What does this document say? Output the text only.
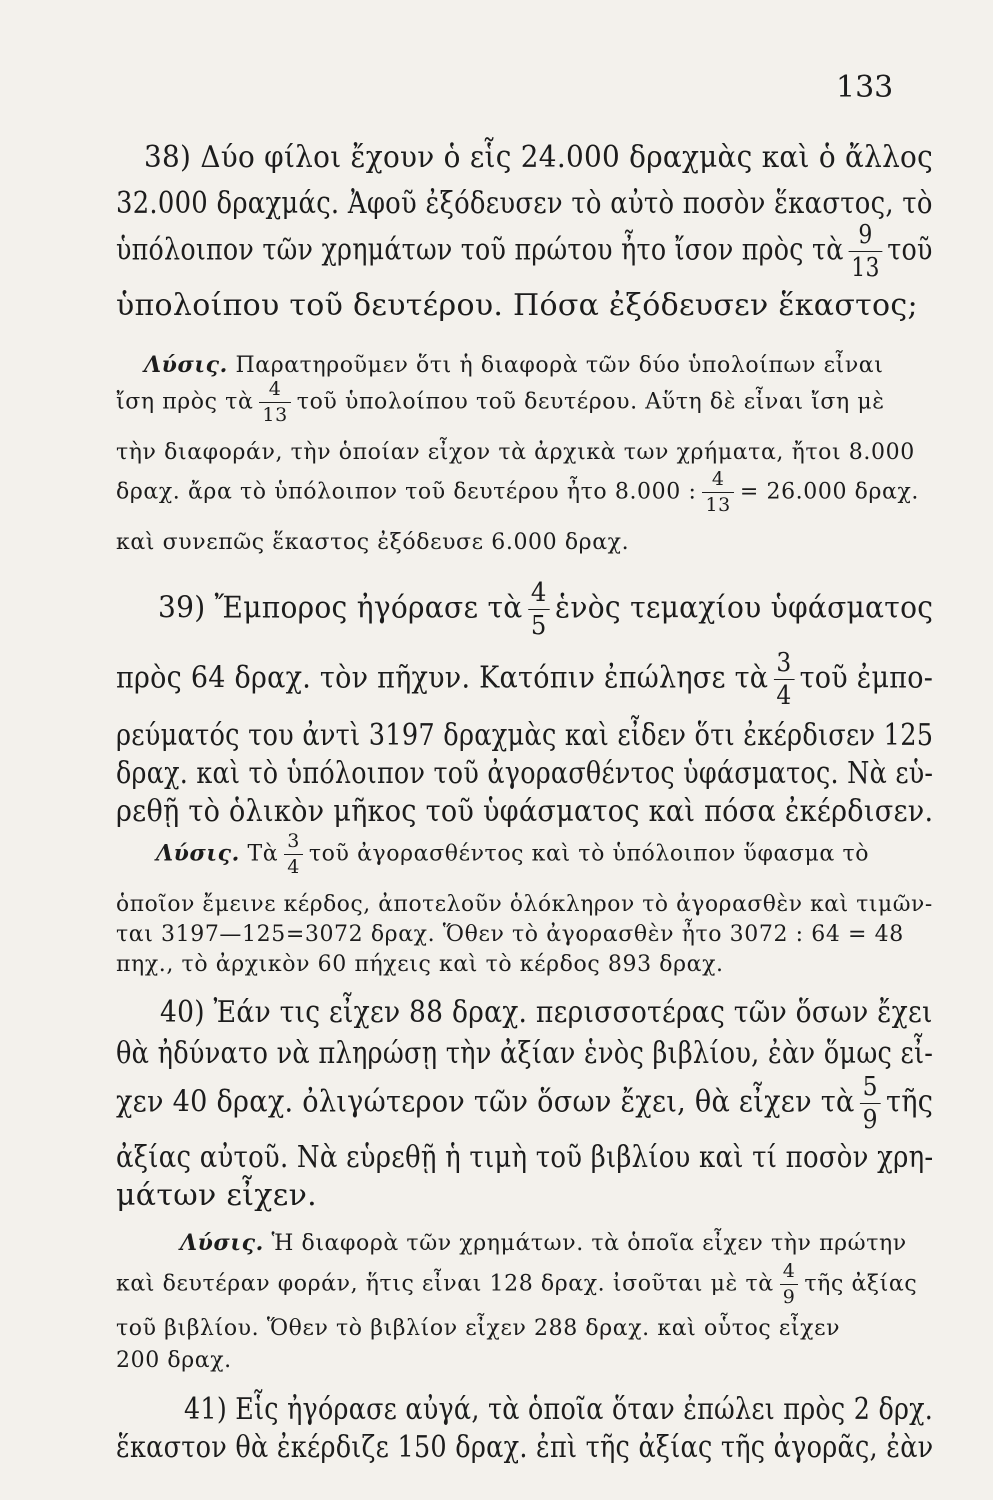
133
38) Δύο φίλοι ἔχουν ὁ εἷς 24.000 δραχμὰς καὶ ὁ ἄλλος
32.000 δραχμάς. Ἀφοῦ ἐξόδευσεν τὸ αὐτὸ ποσὸν ἕκαστος, τὸ
ὑπόλοιπον τῶν χρημάτων τοῦ πρώτου ἦτο ἴσον πρὸς τὰ $\frac{9}{13}$ τοῦ
ὑπολοίπου τοῦ δευτέρου. Πόσα ἐξόδευσεν ἕκαστος;
Λύσις. Παρατηροῦμεν ὅτι ἡ διαφορὰ τῶν δύο ὑπολοίπων εἶναι
ἴση πρὸς τὰ $\frac{4}{13}$ τοῦ ὑπολοίπου τοῦ δευτέρου. Αὕτη δὲ εἶναι ἴση μὲ
τὴν διαφοράν, τὴν ὁποίαν εἶχον τὰ ἀρχικὰ των χρήματα, ἤτοι 8.000
δραχ. ἄρα τὸ ὑπόλοιπον τοῦ δευτέρου ἦτο 8.000 : $\frac{4}{13} = 26.000$ δραχ.
καὶ συνεπῶς ἕκαστος ἐξόδευσε 6.000 δραχ.
39) Ἔμπορος ἠγόρασε τὰ $\frac{4}{5}$ ἑνὸς τεμαχίου ὑφάσματος
πρὸς 64 δραχ. τὸν πῆχυν. Κατόπιν ἐπώλησε τὰ $\frac{3}{4}$ τοῦ ἐμπο-
ρεύματός του ἀντὶ 3197 δραχμὰς καὶ εἶδεν ὅτι ἐκέρδισεν 125
δραχ. καὶ τὸ ὑπόλοιπον τοῦ ἀγορασθέντος ὑφάσματος. Νὰ εὑ-
ρεθῇ τὸ ὁλικὸν μῆκος τοῦ ὑφάσματος καὶ πόσα ἐκέρδισεν.
Λύσις. Τὰ $\frac{3}{4}$ τοῦ ἀγορασθέντος καὶ τὸ ὑπόλοιπον ὕφασμα τὸ
ὁποῖον ἔμεινε κέρδος, ἀποτελοῦν ὁλόκληρον τὸ ἀγορασθὲν καὶ τιμῶν-
ται 3197—125=3072 δραχ. Ὅθεν τὸ ἀγορασθὲν ἦτο 3072 : 64 = 48
πηχ., τὸ ἀρχικὸν 60 πήχεις καὶ τὸ κέρδος 893 δραχ.
40) Ἐάν τις εἶχεν 88 δραχ. περισσοτέρας τῶν ὅσων ἔχει
θὰ ἠδύνατο νὰ πληρώσῃ τὴν ἀξίαν ἑνὸς βιβλίου, ἐὰν ὅμως εἶ-
χεν 40 δραχ. ὀλιγώτερον τῶν ὅσων ἔχει, θὰ εἶχεν τὰ $\frac{5}{9}$ τῆς
ἀξίας αὐτοῦ. Νὰ εὑρεθῇ ἡ τιμὴ τοῦ βιβλίου καὶ τί ποσὸν χρη-
μάτων εἶχεν.
Λύσις. Ἡ διαφορὰ τῶν χρημάτων. τὰ ὁποῖα εἶχεν τὴν πρώτην
καὶ δευτέραν φοράν, ἥτις εἶναι 128 δραχ. ἰσοῦται μὲ τὰ $\frac{4}{9}$ τῆς ἀξίας
τοῦ βιβλίου. Ὅθεν τὸ βιβλίον εἶχεν 288 δραχ. καὶ οὗτος εἶχεν
200 δραχ.
41) Εἷς ἠγόρασε αὐγά, τὰ ὁποῖα ὅταν ἐπώλει πρὸς 2 δρχ.
ἕκαστον θὰ ἐκέρδιζε 150 δραχ. ἐπὶ τῆς ἀξίας τῆς ἀγορᾶς, ἐὰν
